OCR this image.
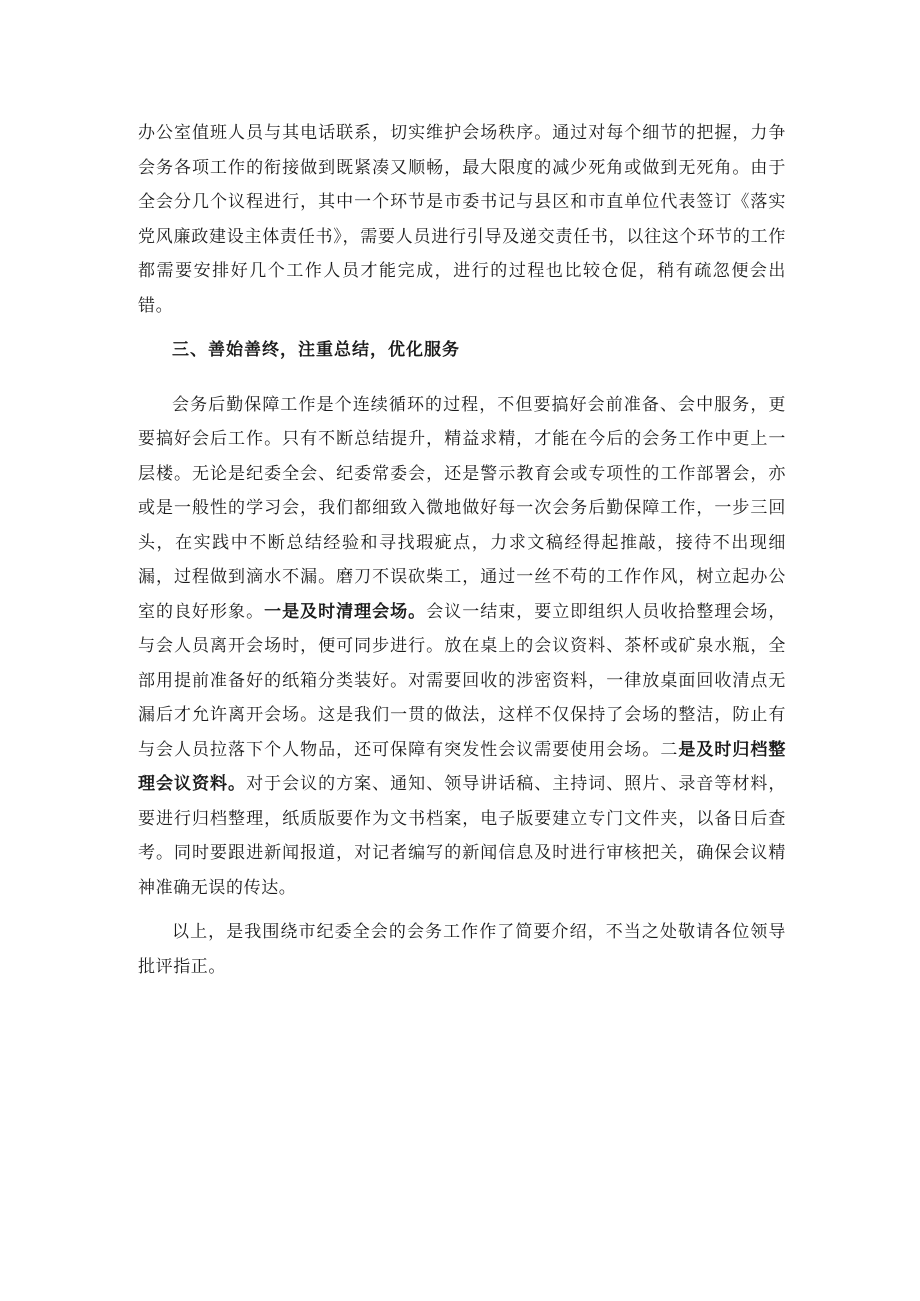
办公室值班人员与其电话联系，切实维护会场秩序。通过对每个细节的把握，力争会务各项工作的衔接做到既紧凑又顺畅，最大限度的减少死角或做到无死角。由于全会分几个议程进行，其中一个环节是市委书记与县区和市直单位代表签订《落实党风廉政建设主体责任书》，需要人员进行引导及递交责任书，以往这个环节的工作都需要安排好几个工作人员才能完成，进行的过程也比较仓促，稍有疏忽便会出错。

三、善始善终，注重总结，优化服务

会务后勤保障工作是个连续循环的过程，不但要搞好会前准备、会中服务，更要搞好会后工作。只有不断总结提升，精益求精，才能在今后的会务工作中更上一层楼。无论是纪委全会、纪委常委会，还是警示教育会或专项性的工作部署会，亦或是一般性的学习会，我们都细致入微地做好每一次会务后勤保障工作，一步三回头，在实践中不断总结经验和寻找瑕疵点，力求文稿经得起推敲，接待不出现细漏，过程做到滴水不漏。磨刀不误砍柴工，通过一丝不苟的工作作风，树立起办公室的良好形象。一是及时清理会场。会议一结束，要立即组织人员收拾整理会场，与会人员离开会场时，便可同步进行。放在桌上的会议资料、茶杯或矿泉水瓶，全部用提前准备好的纸箱分类装好。对需要回收的涉密资料，一律放桌面回收清点无漏后才允许离开会场。这是我们一贯的做法，这样不仅保持了会场的整洁，防止有与会人员拉落下个人物品，还可保障有突发性会议需要使用会场。二是及时归档整理会议资料。对于会议的方案、通知、领导讲话稿、主持词、照片、录音等材料，要进行归档整理，纸质版要作为文书档案，电子版要建立专门文件夹，以备日后查考。同时要跟进新闻报道，对记者编写的新闻信息及时进行审核把关，确保会议精神准确无误的传达。

以上，是我围绕市纪委全会的会务工作作了简要介绍，不当之处敬请各位领导批评指正。
